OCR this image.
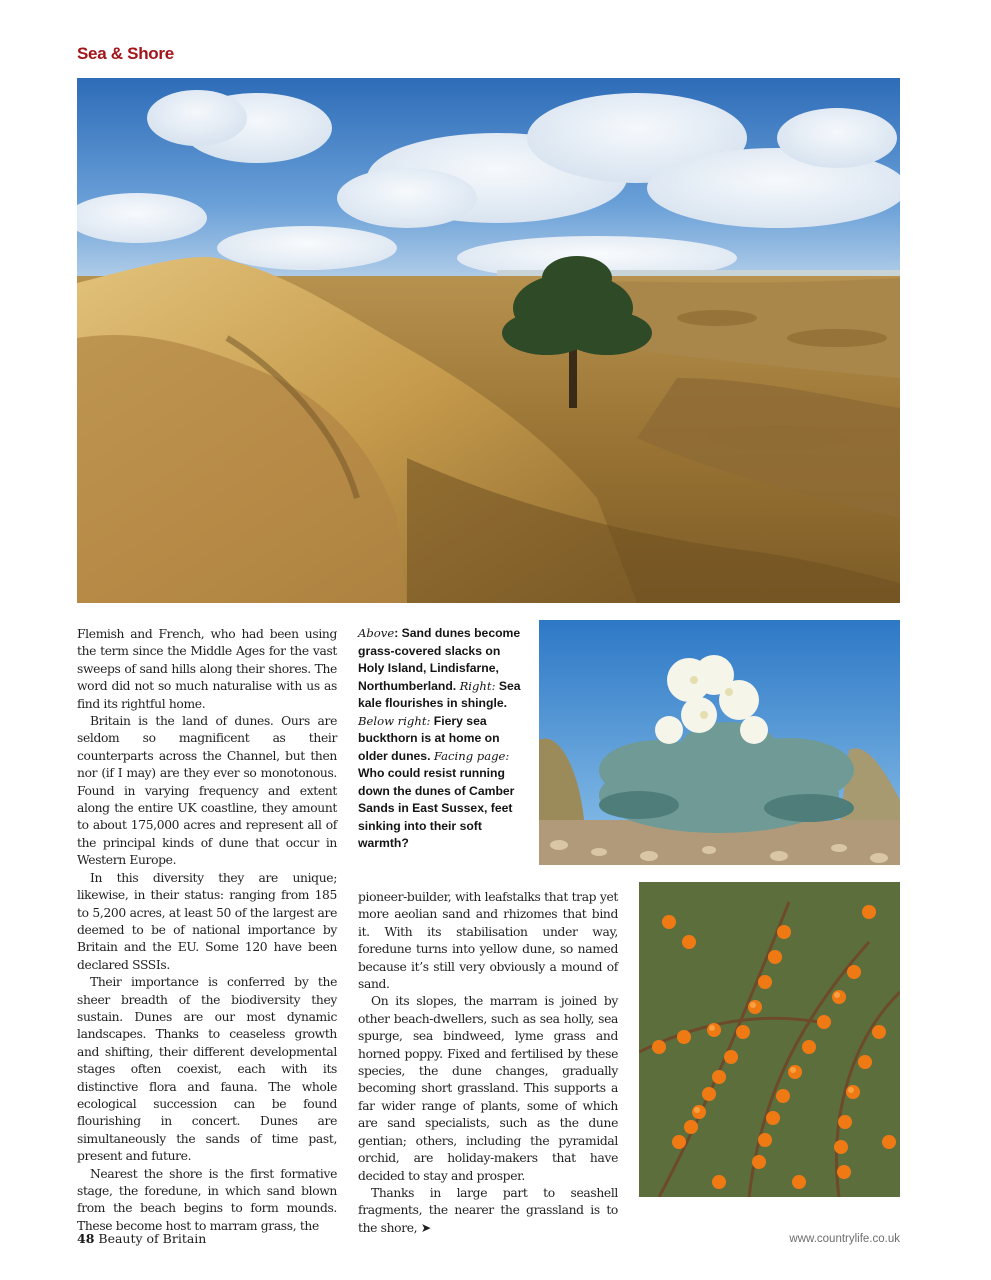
Sea & Shore
Above: Sand dunes become grass-covered slacks on Holy Island, Lindisfarne, Northumberland. Right: Sea kale flourishes in shingle. Below right: Fiery sea buckthorn is at home on older dunes. Facing page: Who could resist running down the dunes of Camber Sands in East Sussex, feet sinking into their soft warmth?

Flemish and French, who had been using the term since the Middle Ages for the vast sweeps of sand hills along their shores. The word did not so much naturalise with us as find its rightful home.

Britain is the land of dunes. Ours are seldom so magnificent as their counterparts across the Channel, but then nor (if I may) are they ever so monotonous. Found in varying frequency and extent along the entire UK coastline, they amount to about 175,000 acres and represent all of the principal kinds of dune that occur in Western Europe.

In this diversity they are unique; likewise, in their status: ranging from 185 to 5,200 acres, at least 50 of the largest are deemed to be of national importance by Britain and the EU. Some 120 have been declared SSSIs.

Their importance is conferred by the sheer breadth of the biodiversity they sustain. Dunes are our most dynamic landscapes. Thanks to ceaseless growth and shifting, their different developmental stages often coexist, each with its distinctive flora and fauna. The whole ecological succession can be found flourishing in concert. Dunes are simultaneously the sands of time past, present and future.

Nearest the shore is the first formative stage, the foredune, in which sand blown from the beach begins to form mounds. These become host to marram grass, the

pioneer-builder, with leafstalks that trap yet more aeolian sand and rhizomes that bind it. With its stabilisation under way, foredune turns into yellow dune, so named because it’s still very obviously a mound of sand.

On its slopes, the marram is joined by other beach-dwellers, such as sea holly, sea spurge, sea bindweed, lyme grass and horned poppy. Fixed and fertilised by these species, the dune changes, gradually becoming short grassland. This supports a far wider range of plants, some of which are sand specialists, such as the dune gentian; others, including the pyramidal orchid, are holiday-makers that have decided to stay and prosper.

Thanks in large part to seashell fragments, the nearer the grassland is to the shore, ➤

48 Beauty of Britain	www.countrylife.co.uk
